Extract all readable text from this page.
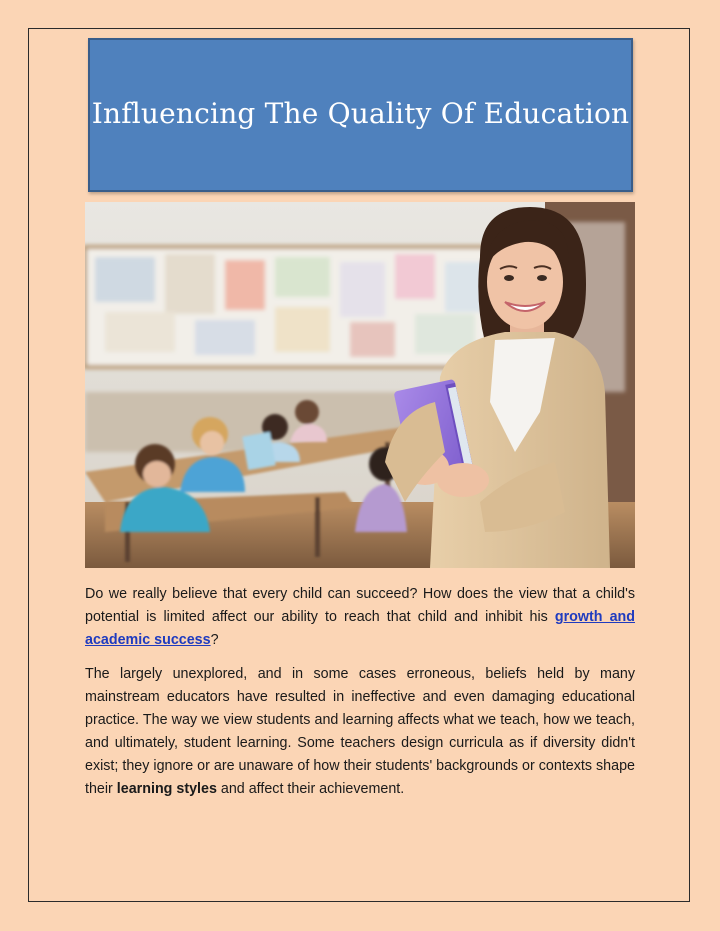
Influencing The Quality Of Education

Do we really believe that every child can succeed? How does the view that a child's potential is limited affect our ability to reach that child and inhibit his growth and academic success?

The largely unexplored, and in some cases erroneous, beliefs held by many mainstream educators have resulted in ineffective and even damaging educational practice. The way we view students and learning affects what we teach, how we teach, and ultimately, student learning. Some teachers design curricula as if diversity didn't exist; they ignore or are unaware of how their students' backgrounds or contexts shape their learning styles and affect their achievement.
